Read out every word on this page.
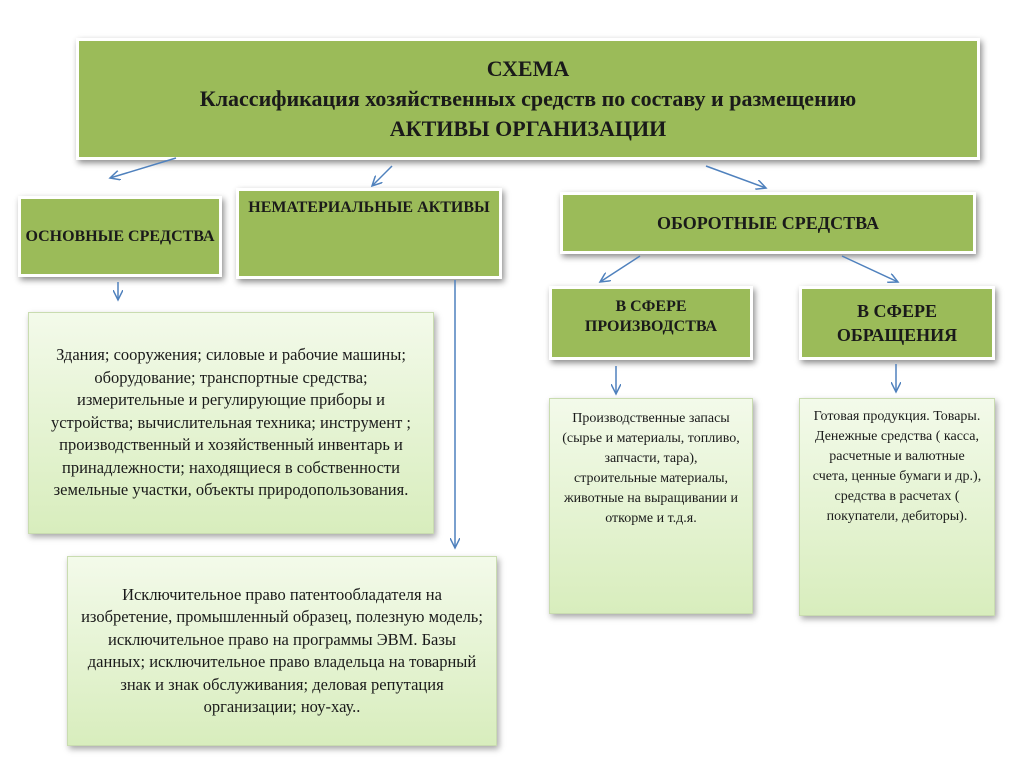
СХЕМА
Классификация хозяйственных средств по составу и размещению
АКТИВЫ ОРГАНИЗАЦИИ
ОСНОВНЫЕ СРЕДСТВА
НЕМАТЕРИАЛЬНЫЕ АКТИВЫ
ОБОРОТНЫЕ СРЕДСТВА
В СФЕРЕ ПРОИЗВОДСТВА
В СФЕРЕ ОБРАЩЕНИЯ
Здания; сооружения; силовые и рабочие машины; оборудование; транспортные средства; измерительные и регулирующие приборы и устройства; вычислительная техника; инструмент ; производственный и хозяйственный инвентарь и принадлежности; находящиеся в собственности земельные участки, объекты природопользования.
Исключительное право патентообладателя на изобретение, промышленный образец, полезную модель; исключительное право на программы ЭВМ. Базы данных; исключительное право владельца на товарный знак и знак обслуживания; деловая репутация организации; ноу-хау..
Производственные запасы (сырье и материалы, топливо, запчасти, тара), строительные материалы, животные на выращивании и откорме и т.д.я.
Готовая продукция. Товары. Денежные средства ( касса, расчетные и валютные счета, ценные бумаги и др.), средства в расчетах ( покупатели, дебиторы).
